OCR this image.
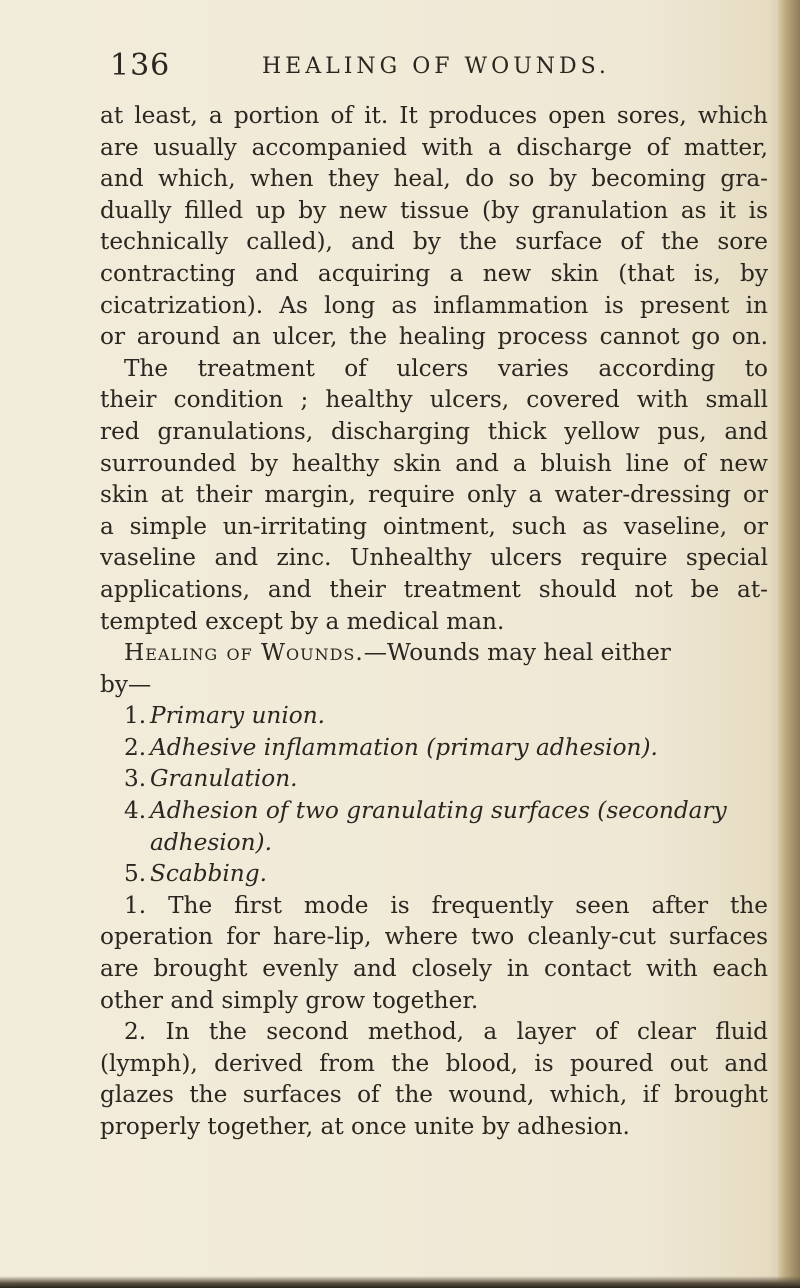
136	HEALING OF WOUNDS.
at least, a portion of it. It produces open sores, which
are usually accompanied with a discharge of matter,
and which, when they heal, do so by becoming gra-
dually filled up by new tissue (by granulation as it is
technically called), and by the surface of the sore
contracting and acquiring a new skin (that is, by
cicatrization). As long as inflammation is present in
or around an ulcer, the healing process cannot go on.
The treatment of ulcers varies according to
their condition ; healthy ulcers, covered with small
red granulations, discharging thick yellow pus, and
surrounded by healthy skin and a bluish line of new
skin at their margin, require only a water-dressing or
a simple un-irritating ointment, such as vaseline, or
vaseline and zinc. Unhealthy ulcers require special
applications, and their treatment should not be at-
tempted except by a medical man.
Healing of Wounds.—Wounds may heal either
by—
1. Primary union.
2. Adhesive inflammation (primary adhesion).
3. Granulation.
4. Adhesion of two granulating surfaces (secondary
adhesion).
5. Scabbing.
1. The first mode is frequently seen after the
operation for hare-lip, where two cleanly-cut surfaces
are brought evenly and closely in contact with each
other and simply grow together.
2. In the second method, a layer of clear fluid
(lymph), derived from the blood, is poured out and
glazes the surfaces of the wound, which, if brought
properly together, at once unite by adhesion.
